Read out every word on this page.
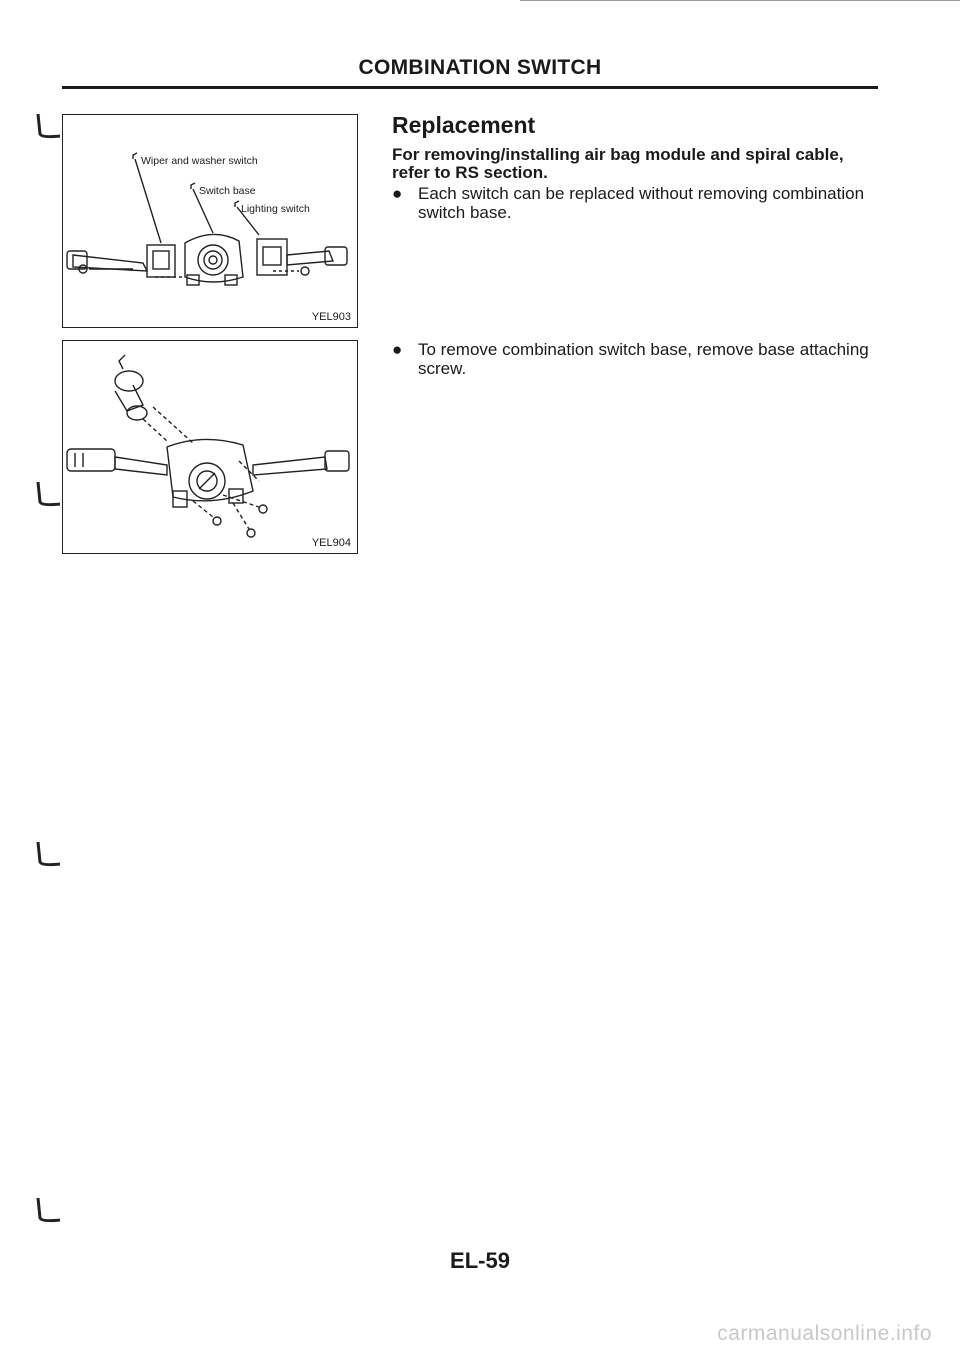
COMBINATION SWITCH
Wiper and washer switch
Switch base
Lighting switch
YEL903
YEL904
Replacement
For removing/installing air bag module and spiral cable, refer to RS section.
● Each switch can be replaced without removing combination switch base.
● To remove combination switch base, remove base attaching screw.
EL-59
carmanualsonline.info
